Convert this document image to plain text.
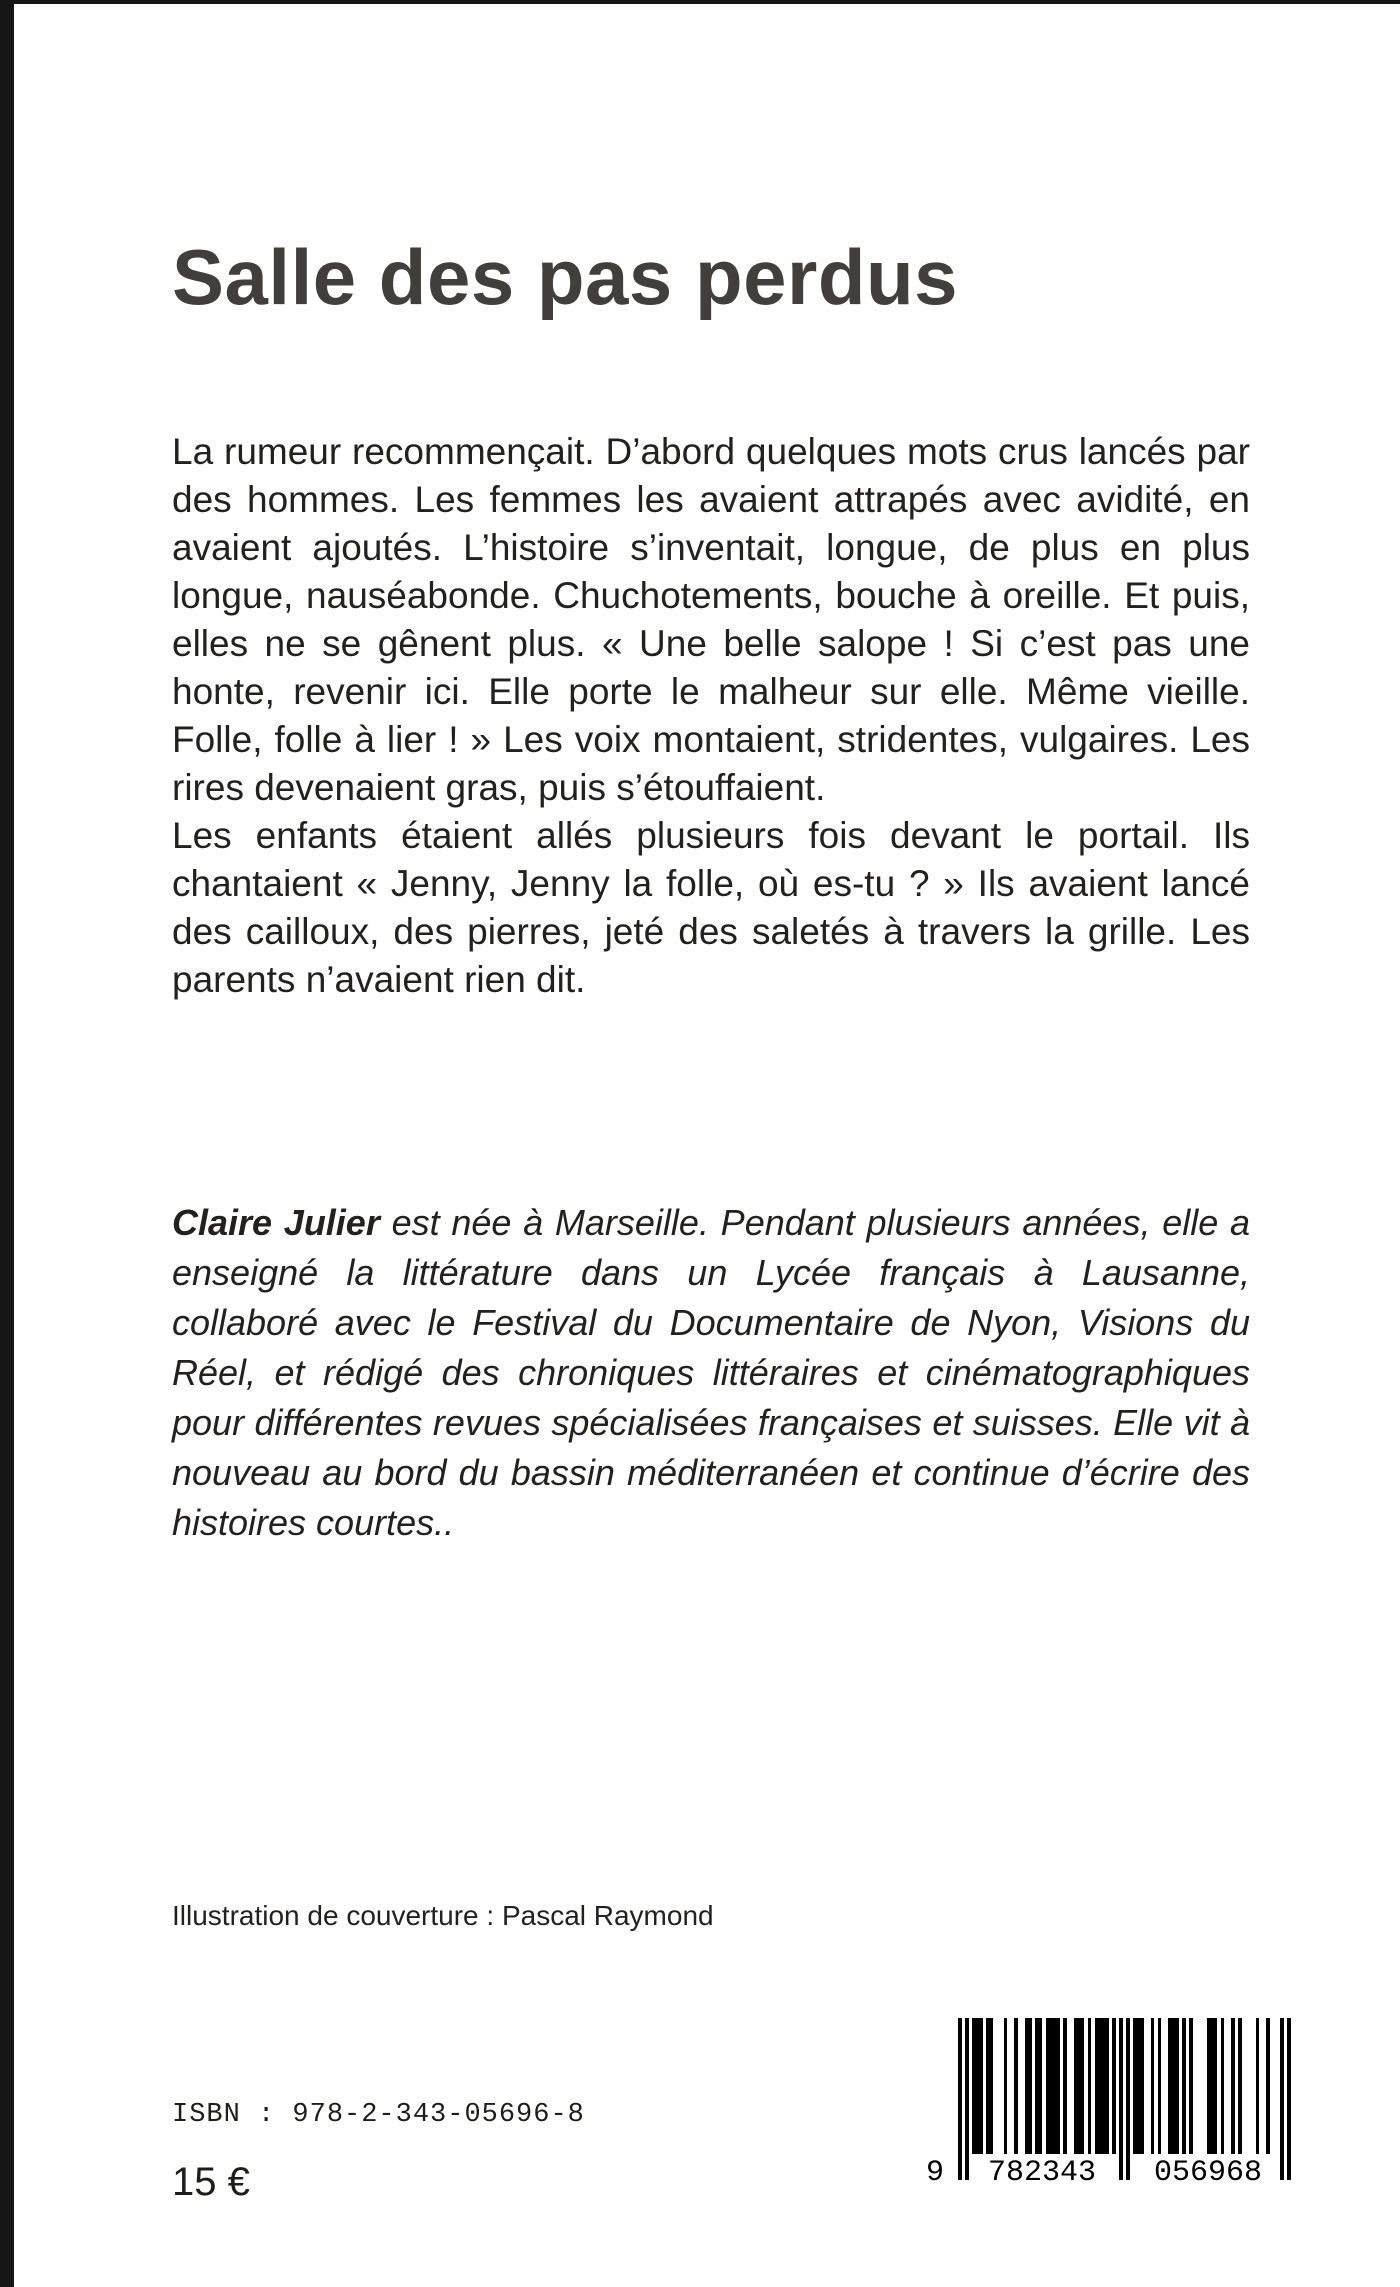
Salle des pas perdus

La rumeur recommençait. D’abord quelques mots crus lancés par des hommes. Les femmes les avaient attrapés avec avidité, en avaient ajoutés. L’histoire s’inventait, longue, de plus en plus longue, nauséabonde. Chuchotements, bouche à oreille. Et puis, elles ne se gênent plus. « Une belle salope ! Si c’est pas une honte, revenir ici. Elle porte le malheur sur elle. Même vieille. Folle, folle à lier ! » Les voix montaient, stridentes, vulgaires. Les rires devenaient gras, puis s’étouffaient.

Les enfants étaient allés plusieurs fois devant le portail. Ils chantaient « Jenny, Jenny la folle, où es-tu ? » Ils avaient lancé des cailloux, des pierres, jeté des saletés à travers la grille. Les parents n’avaient rien dit.

Claire Julier est née à Marseille. Pendant plusieurs années, elle a enseigné la littérature dans un Lycée français à Lausanne, collaboré avec le Festival du Documentaire de Nyon, Visions du Réel, et rédigé des chroniques littéraires et cinématographiques pour différentes revues spécialisées françaises et suisses. Elle vit à nouveau au bord du bassin méditerranéen et continue d’écrire des histoires courtes..
Illustration de couverture : Pascal Raymond
ISBN : 978-2-343-05696-8
15 €	9	782343	056968
